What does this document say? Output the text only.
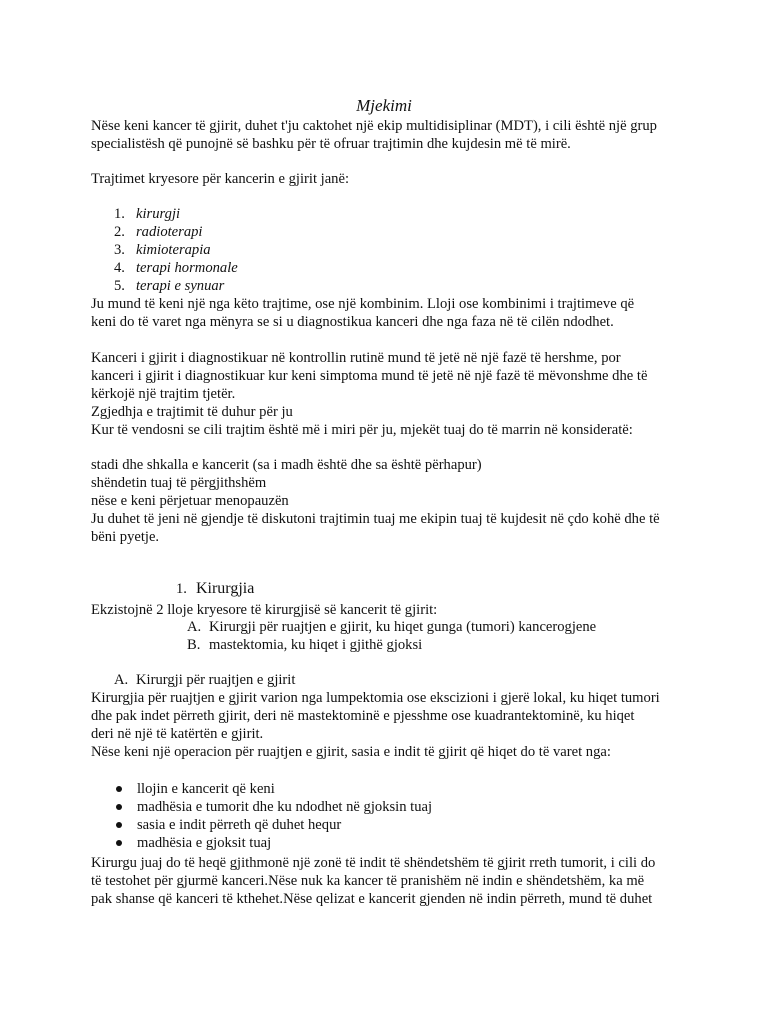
Mjekimi

Nëse keni kancer të gjirit, duhet t'ju caktohet një ekip multidisiplinar (MDT), i cili është një grup

specialistësh që punojnë së bashku për të ofruar trajtimin dhe kujdesin më të mirë.

Trajtimet kryesore për kancerin e gjirit janë:

1. kirurgji
2. radioterapi
3. kimioterapia
4. terapi hormonale
5. terapi e synuar

Ju mund të keni një nga këto trajtime, ose një kombinim. Lloji ose kombinimi i trajtimeve që

keni do të varet nga mënyra se si u diagnostikua kanceri dhe nga faza në të cilën ndodhet.

Kanceri i gjirit i diagnostikuar në kontrollin rutinë mund të jetë në një fazë të hershme, por

kanceri i gjirit i diagnostikuar kur keni simptoma mund të jetë në një fazë të mëvonshme dhe të

kërkojë një trajtim tjetër.

Zgjedhja e trajtimit të duhur për ju

Kur të vendosni se cili trajtim është më i miri për ju, mjekët tuaj do të marrin në konsideratë:

stadi dhe shkalla e kancerit (sa i madh është dhe sa është përhapur)

shëndetin tuaj të përgjithshëm

nëse e keni përjetuar menopauzën

Ju duhet të jeni në gjendje të diskutoni trajtimin tuaj me ekipin tuaj të kujdesit në çdo kohë dhe të

bëni pyetje.

1. Kirurgjia

Ekzistojnë 2 lloje kryesore të kirurgjisë së kancerit të gjirit:

A. Kirurgji për ruajtjen e gjirit, ku hiqet gunga (tumori) kancerogjene

B. mastektomia, ku hiqet i gjithë gjoksi

A. Kirurgji për ruajtjen e gjirit

Kirurgjia për ruajtjen e gjirit varion nga lumpektomia ose ekscizioni i gjerë lokal, ku hiqet tumori

dhe pak indet përreth gjirit, deri në mastektominë e pjesshme ose kuadrantektominë, ku hiqet

deri në një të katërtën e gjirit.

Nëse keni një operacion për ruajtjen e gjirit, sasia e indit të gjirit që hiqet do të varet nga:

llojin e kancerit që keni
madhësia e tumorit dhe ku ndodhet në gjoksin tuaj
sasia e indit përreth që duhet hequr
madhësia e gjoksit tuaj

Kirurgu juaj do të heqë gjithmonë një zonë të indit të shëndetshëm të gjirit rreth tumorit, i cili do

të testohet për gjurmë kanceri.Nëse nuk ka kancer të pranishëm në indin e shëndetshëm, ka më

pak shanse që kanceri të kthehet.Nëse qelizat e kancerit gjenden në indin përreth, mund të duhet
